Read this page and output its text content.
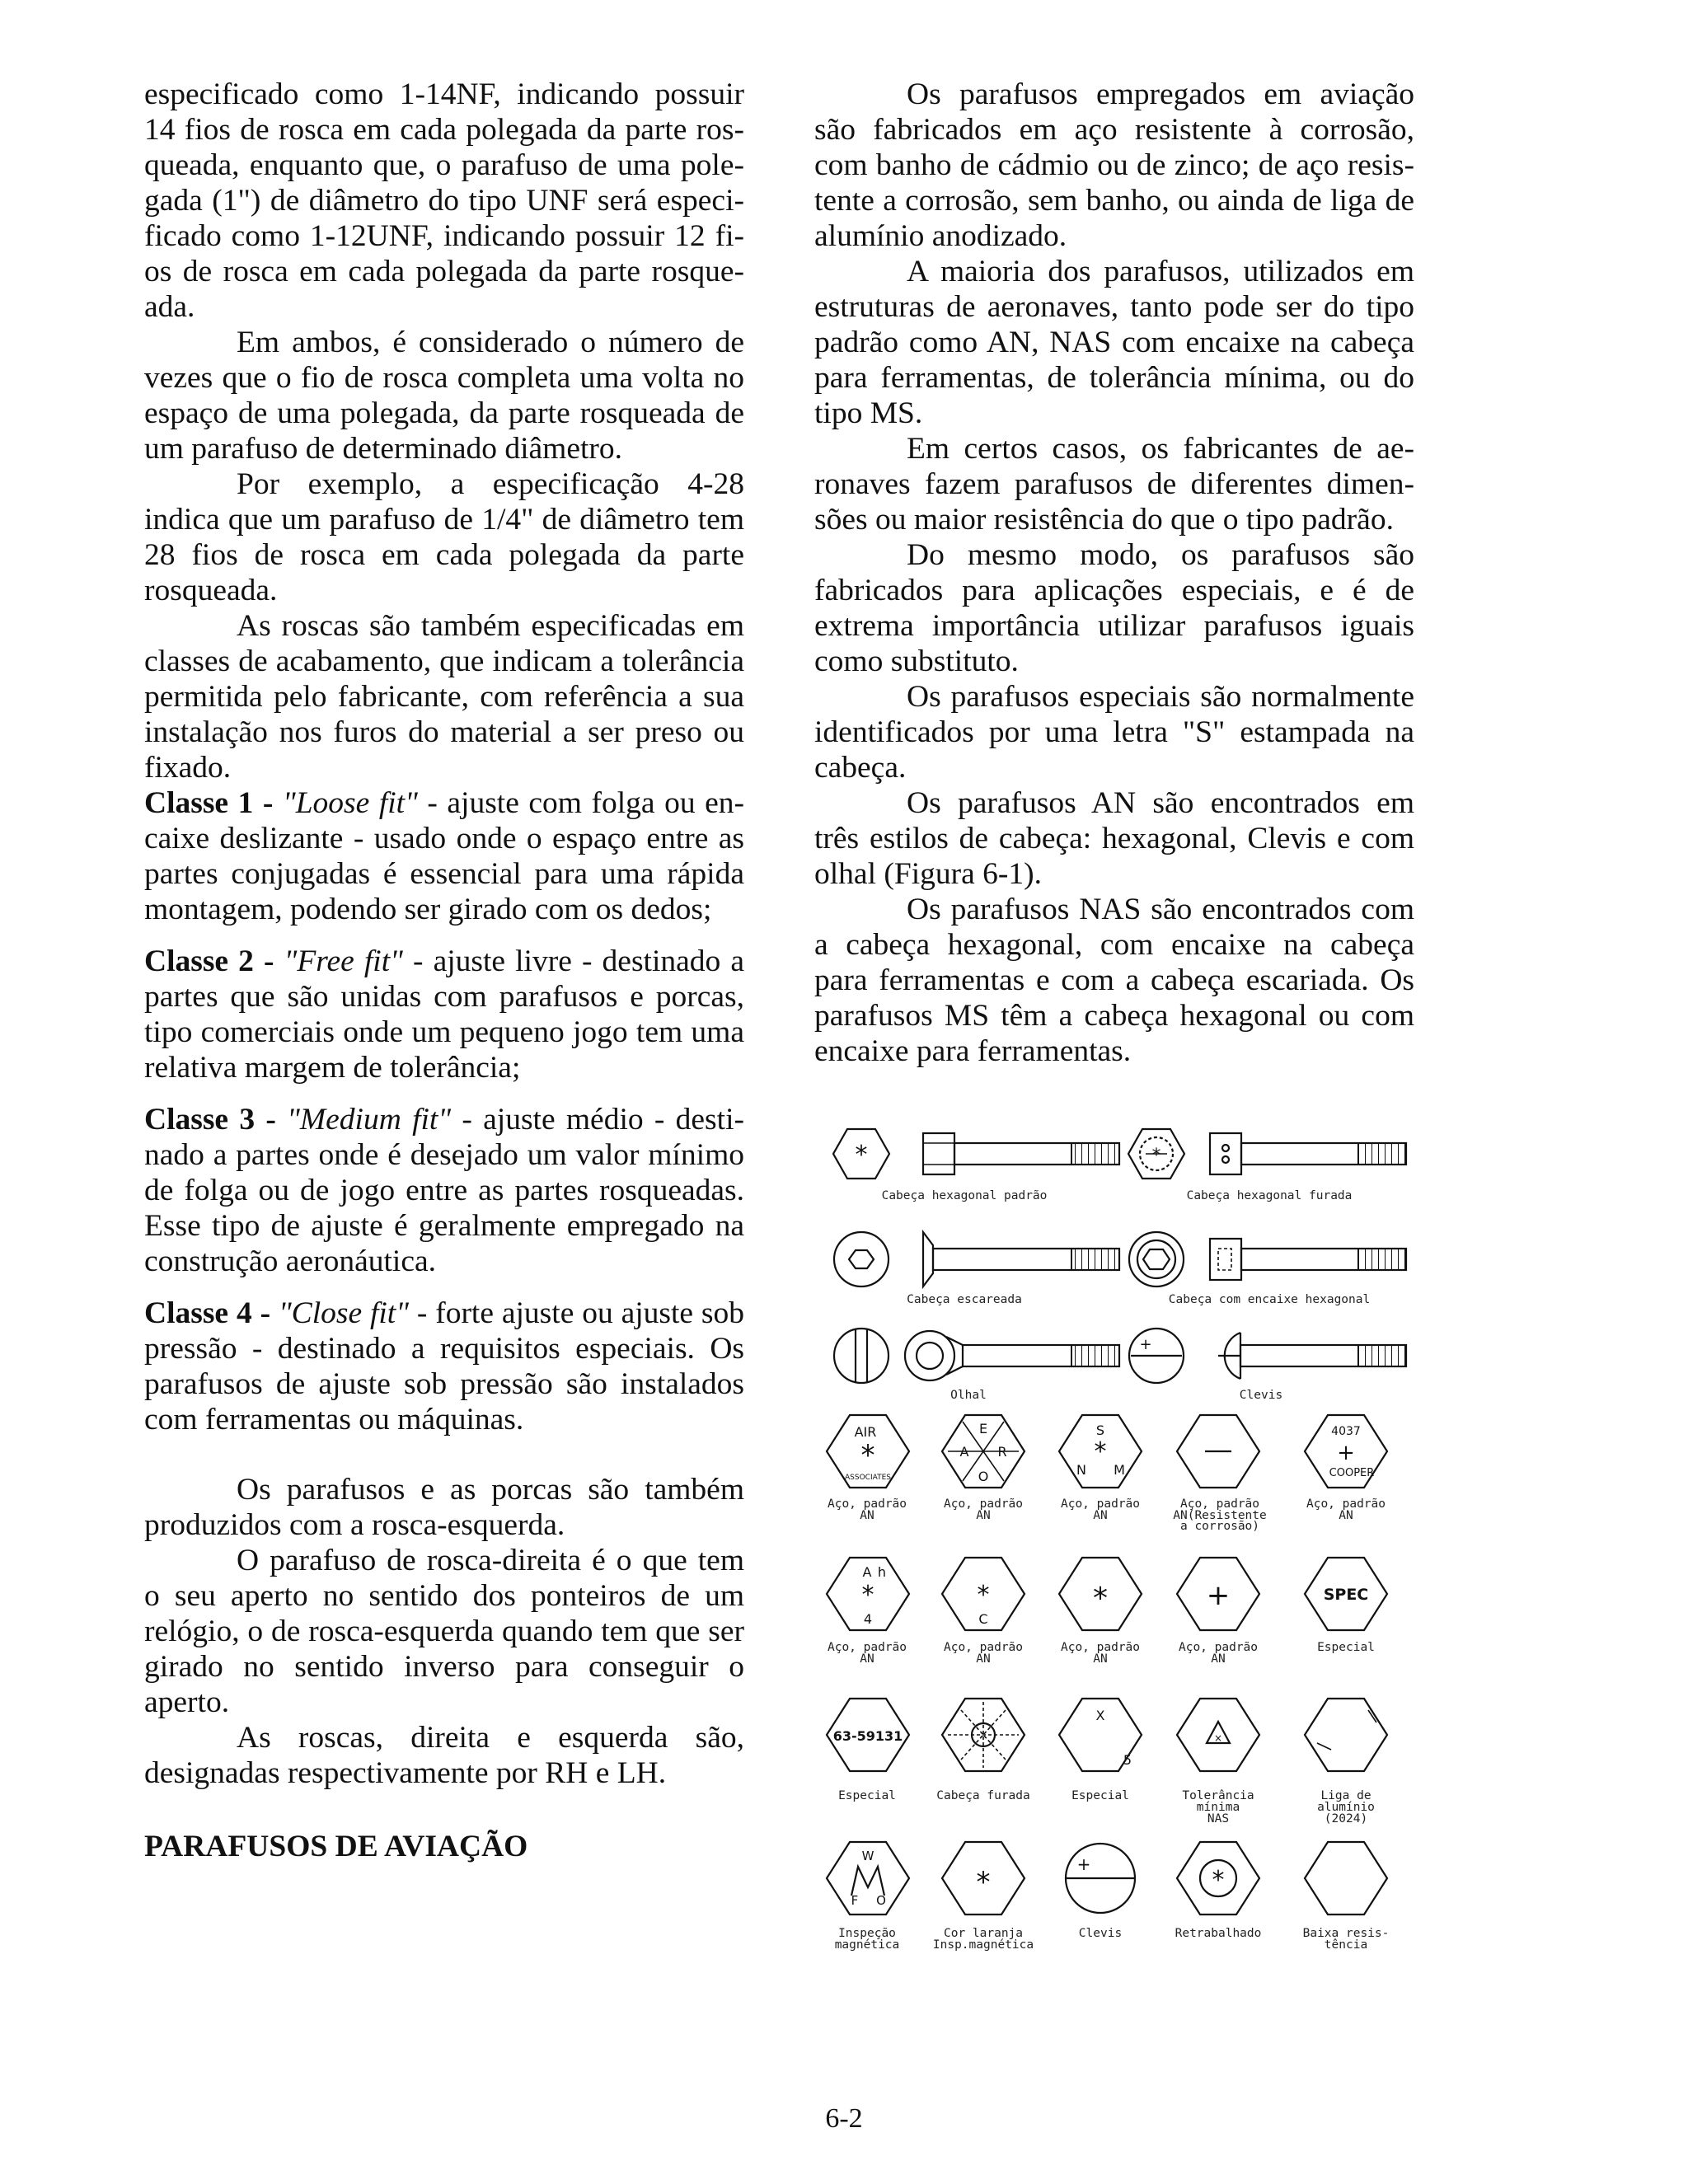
especificado como 1-14NF, indicando possuir 14 fios de rosca em cada polegada da parte rosqueada, enquanto que, o parafuso de uma polegada (1") de diâmetro do tipo UNF será especificado como 1-12UNF, indicando possuir 12 fios de rosca em cada polegada da parte rosqueada.

Em ambos, é considerado o número de vezes que o fio de rosca completa uma volta no espaço de uma polegada, da parte rosqueada de um parafuso de determinado diâmetro.

Por exemplo, a especificação 4-28 indica que um parafuso de 1/4" de diâmetro tem 28 fios de rosca em cada polegada da parte rosqueada.

As roscas são também especificadas em classes de acabamento, que indicam a tolerância permitida pelo fabricante, com referência a sua instalação nos furos do material a ser preso ou fixado.

Classe 1 - "Loose fit" - ajuste com folga ou encaixe deslizante - usado onde o espaço entre as partes conjugadas é essencial para uma rápida montagem, podendo ser girado com os dedos;

Classe 2 - "Free fit" - ajuste livre - destinado a partes que são unidas com parafusos e porcas, tipo comerciais onde um pequeno jogo tem uma relativa margem de tolerância;

Classe 3 - "Medium fit" - ajuste médio - destinado a partes onde é desejado um valor mínimo de folga ou de jogo entre as partes rosqueadas. Esse tipo de ajuste é geralmente empregado na construção aeronáutica.

Classe 4 - "Close fit" - forte ajuste ou ajuste sob pressão - destinado a requisitos especiais. Os parafusos de ajuste sob pressão são instalados com ferramentas ou máquinas.

Os parafusos e as porcas são também produzidos com a rosca-esquerda.

O parafuso de rosca-direita é o que tem o seu aperto no sentido dos ponteiros de um relógio, o de rosca-esquerda quando tem que ser girado no sentido inverso para conseguir o aperto.

As roscas, direita e esquerda são, designadas respectivamente por RH e LH.

PARAFUSOS DE AVIAÇÃO

Os parafusos empregados em aviação são fabricados em aço resistente à corrosão, com banho de cádmio ou de zinco; de aço resistente a corrosão, sem banho, ou ainda de liga de alumínio anodizado.

A maioria dos parafusos, utilizados em estruturas de aeronaves, tanto pode ser do tipo padrão como AN, NAS com encaixe na cabeça para ferramentas, de tolerância mínima, ou do tipo MS.

Em certos casos, os fabricantes de aeronaves fazem parafusos de diferentes dimensões ou maior resistência do que o tipo padrão.

Do mesmo modo, os parafusos são fabricados para aplicações especiais, e é de extrema importância utilizar parafusos iguais como substituto.

Os parafusos especiais são normalmente identificados por uma letra "S" estampada na cabeça.

Os parafusos AN são encontrados em três estilos de cabeça: hexagonal, Clevis e com olhal (Figura 6-1).

Os parafusos NAS são encontrados com a cabeça hexagonal, com encaixe na cabeça para ferramentas e com a cabeça escariada. Os parafusos MS têm a cabeça hexagonal ou com encaixe para ferramentas.

*
Cabeça hexagonal padrão
*
Cabeça hexagonal furada
Cabeça escareada	Cabeça com encaixe hexagonal
Olhal
+
Clevis
AIR
*
ASSOCIATES
E
A R
O
S
*
N M
4037
+
COOPER
Aço, padrão
AN
Aço, padrão
AN
Aço, padrão
AN
Aço, padrão
AN(Resistente
a corrosão)
Aço, padrão
AN
A h
*
4
*
C
*	+	SPEC
Aço, padrão
AN
Aço, padrão
AN
Aço, padrão
AN
Aço, padrão
AN
Especial
63-59131
X
5
×
Especial	Cabeça furada	Especial	Tolerância
mínima
NAS
Liga de
alumínio
(2024)
W
F O
*
+
*
Inspeção
magnética
Cor laranja
Insp.magnética
Clevis	Retrabalhado	Baixa resis-
tência
6-2
